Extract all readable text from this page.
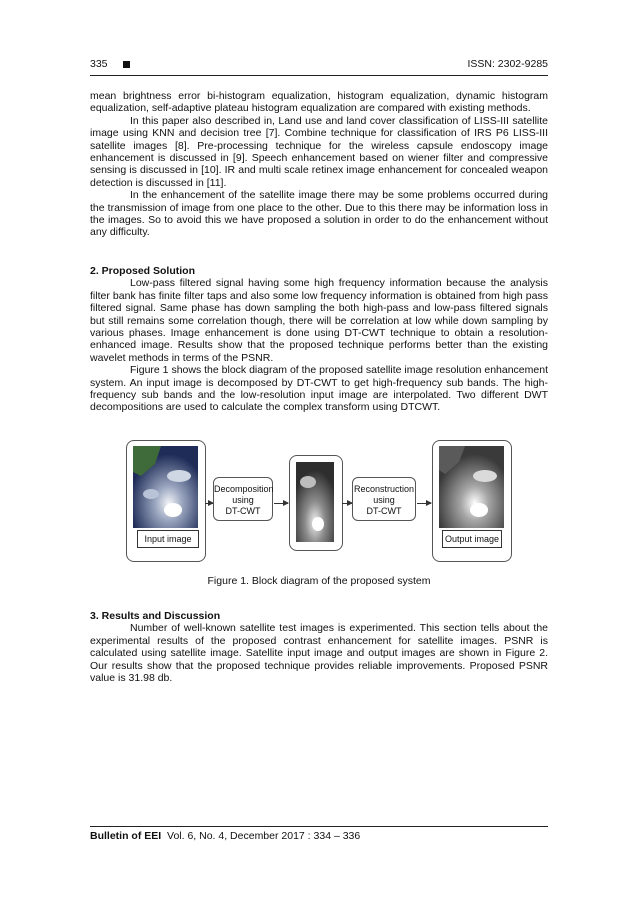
335	ISSN: 2302-9285

mean brightness error bi-histogram equalization, histogram equalization, dynamic histogram equalization, self-adaptive plateau histogram equalization are compared with existing methods.

In this paper also described in, Land use and land cover classification of LISS-III satellite image using KNN and decision tree [7]. Combine technique for classification of IRS P6 LISS-III satellite images [8]. Pre-processing technique for the wireless capsule endoscopy image enhancement is discussed in [9]. Speech enhancement based on wiener filter and compressive sensing is discussed in [10]. IR and multi scale retinex image enhancement for concealed weapon detection is discussed in [11].

In the enhancement of the satellite image there may be some problems occurred during the transmission of image from one place to the other. Due to this there may be information loss in the images. So to avoid this we have proposed a solution in order to do the enhancement without any difficulty.

2. Proposed Solution

Low-pass filtered signal having some high frequency information because the analysis filter bank has finite filter taps and also some low frequency information is obtained from high pass filtered signal. Same phase has down sampling the both high-pass and low-pass filtered signals but still remains some correlation though, there will be correlation at low while down sampling by various phases. Image enhancement is done using DT-CWT technique to obtain a resolution-enhanced image. Results show that the proposed technique performs better than the existing wavelet methods in terms of the PSNR.

Figure 1 shows the block diagram of the proposed satellite image resolution enhancement system. An input image is decomposed by DT-CWT to get high-frequency sub bands. The high-frequency sub bands and the low-resolution input image are interpolated. Two different DWT decompositions are used to calculate the complex transform using DTCWT.

Input image
Decomposition
using
DT-CWT
Reconstruction
using
DT-CWT
Output image
Figure 1. Block diagram of the proposed system

3. Results and Discussion

Number of well-known satellite test images is experimented. This section tells about the experimental results of the proposed contrast enhancement for satellite images. PSNR is calculated using satellite image. Satellite input image and output images are shown in Figure 2. Our results show that the proposed technique provides reliable improvements. Proposed PSNR value is 31.98 db.

Bulletin of EEI Vol. 6, No. 4, December 2017 : 334 – 336
